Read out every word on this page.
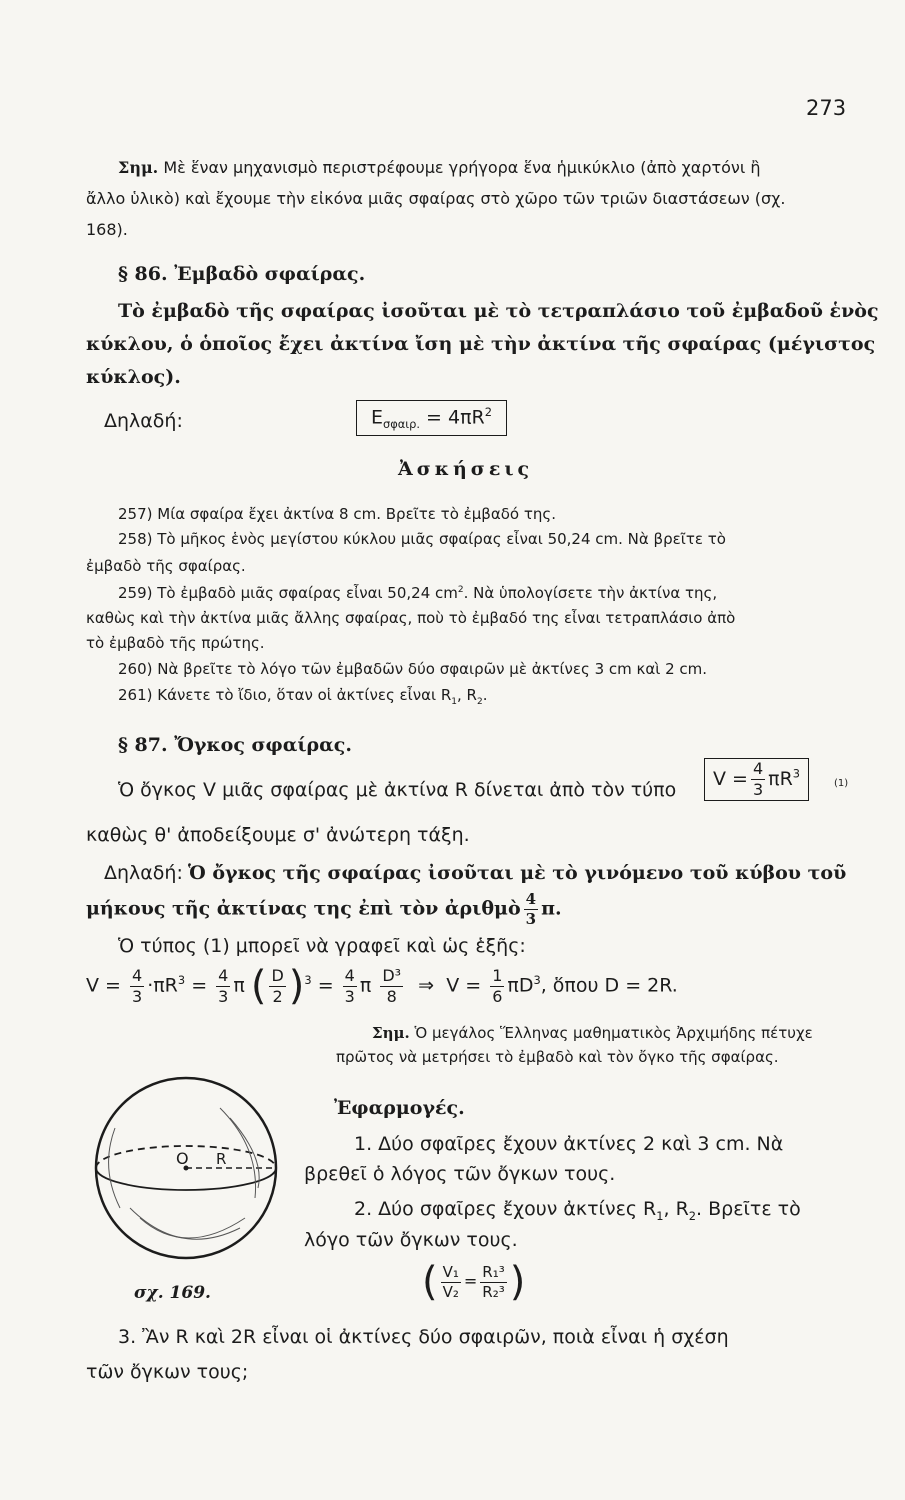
273
Σημ. Μὲ ἕναν μηχανισμὸ περιστρέφουμε γρήγορα ἕνα ἡμικύκλιο (ἀπὸ χαρτόνι ἢ
ἄλλο ὑλικὸ) καὶ ἔχουμε τὴν εἰκόνα μιᾶς σφαίρας στὸ χῶρο τῶν τριῶν διαστάσεων (σχ.
168).
§ 86. Ἐμβαδὸ σφαίρας.
Τὸ ἐμβαδὸ τῆς σφαίρας ἰσοῦται μὲ τὸ τετραπλάσιο τοῦ ἐμβαδοῦ ἑνὸς
κύκλου, ὁ ὁποῖος ἔχει ἀκτίνα ἴση μὲ τὴν ἀκτίνα τῆς σφαίρας (μέγιστος
κύκλος).
Δηλαδή:	$E_{\sigma\varphi\alpha\iota\rho.} = 4\pi R^2$
Ἀσκήσεις
257) Μία σφαίρα ἔχει ἀκτίνα 8 cm. Βρεῖτε τὸ ἐμβαδό της.
258) Τὸ μῆκος ἑνὸς μεγίστου κύκλου μιᾶς σφαίρας εἶναι 50,24 cm. Νὰ βρεῖτε τὸ
ἐμβαδὸ τῆς σφαίρας.
259) Τὸ ἐμβαδὸ μιᾶς σφαίρας εἶναι 50,24 $cm^2$. Νὰ ὑπολογίσετε τὴν ἀκτίνα της,
καθὼς καὶ τὴν ἀκτίνα μιᾶς ἄλλης σφαίρας, ποὺ τὸ ἐμβαδό της εἶναι τετραπλάσιο ἀπὸ
τὸ ἐμβαδὸ τῆς πρώτης.
260) Νὰ βρεῖτε τὸ λόγο τῶν ἐμβαδῶν δύο σφαιρῶν μὲ ἀκτίνες 3 cm καὶ 2 cm.
261) Κάνετε τὸ ἴδιο, ὅταν οἱ ἀκτίνες εἶναι $R_1$, $R_2$.
§ 87. Ὄγκος σφαίρας.
Ὁ ὄγκος V μιᾶς σφαίρας μὲ ἀκτίνα R δίνεται ἀπὸ τὸν τύπο	$V = \frac{4}{3} \pi R^3$
(1)
καθὼς θ' ἀποδείξουμε σ' ἀνώτερη τάξη.
Δηλαδή: Ὁ ὄγκος τῆς σφαίρας ἰσοῦται μὲ τὸ γινόμενο τοῦ κύβου τοῦ
μήκους τῆς ἀκτίνας της ἐπὶ τὸν ἀριθμὸ $\frac{4}{3} \pi$.
Ὁ τύπος (1) μπορεῖ νὰ γραφεῖ καὶ ὡς ἑξῆς:
$V = \frac{4}{3} \cdot\pi R^3 = \frac{4}{3}$ π ( $\frac{D}{2} )^3 = \frac{4}{3}$ π $\frac{\text{D³}}{8}$ ⇒ $V = \frac{1}{6} \pi D^3$, ὅπου D = 2R.
Σημ. Ὁ μεγάλος Ἕλληνας μαθηματικὸς Ἀρχιμήδης πέτυχε
πρῶτος νὰ μετρήσει τὸ ἐμβαδὸ καὶ τὸν ὄγκο τῆς σφαίρας.
O R
σχ. 169.
Ἐφαρμογές.
1. Δύο σφαῖρες ἔχουν ἀκτίνες 2 καὶ 3 cm. Νὰ
βρεθεῖ ὁ λόγος τῶν ὄγκων τους.
2. Δύο σφαῖρες ἔχουν ἀκτίνες $R_1$, $R_2$. Βρεῖτε τὸ
λόγο τῶν ὄγκων τους.
( $\frac{\text{V₁}}{\text{V₂}} = \frac{\text{R₁³}}{\text{R₂³}}$ )
3. Ἂν R καὶ 2R εἶναι οἱ ἀκτίνες δύο σφαιρῶν, ποιὰ εἶναι ἡ σχέση
τῶν ὄγκων τους;
